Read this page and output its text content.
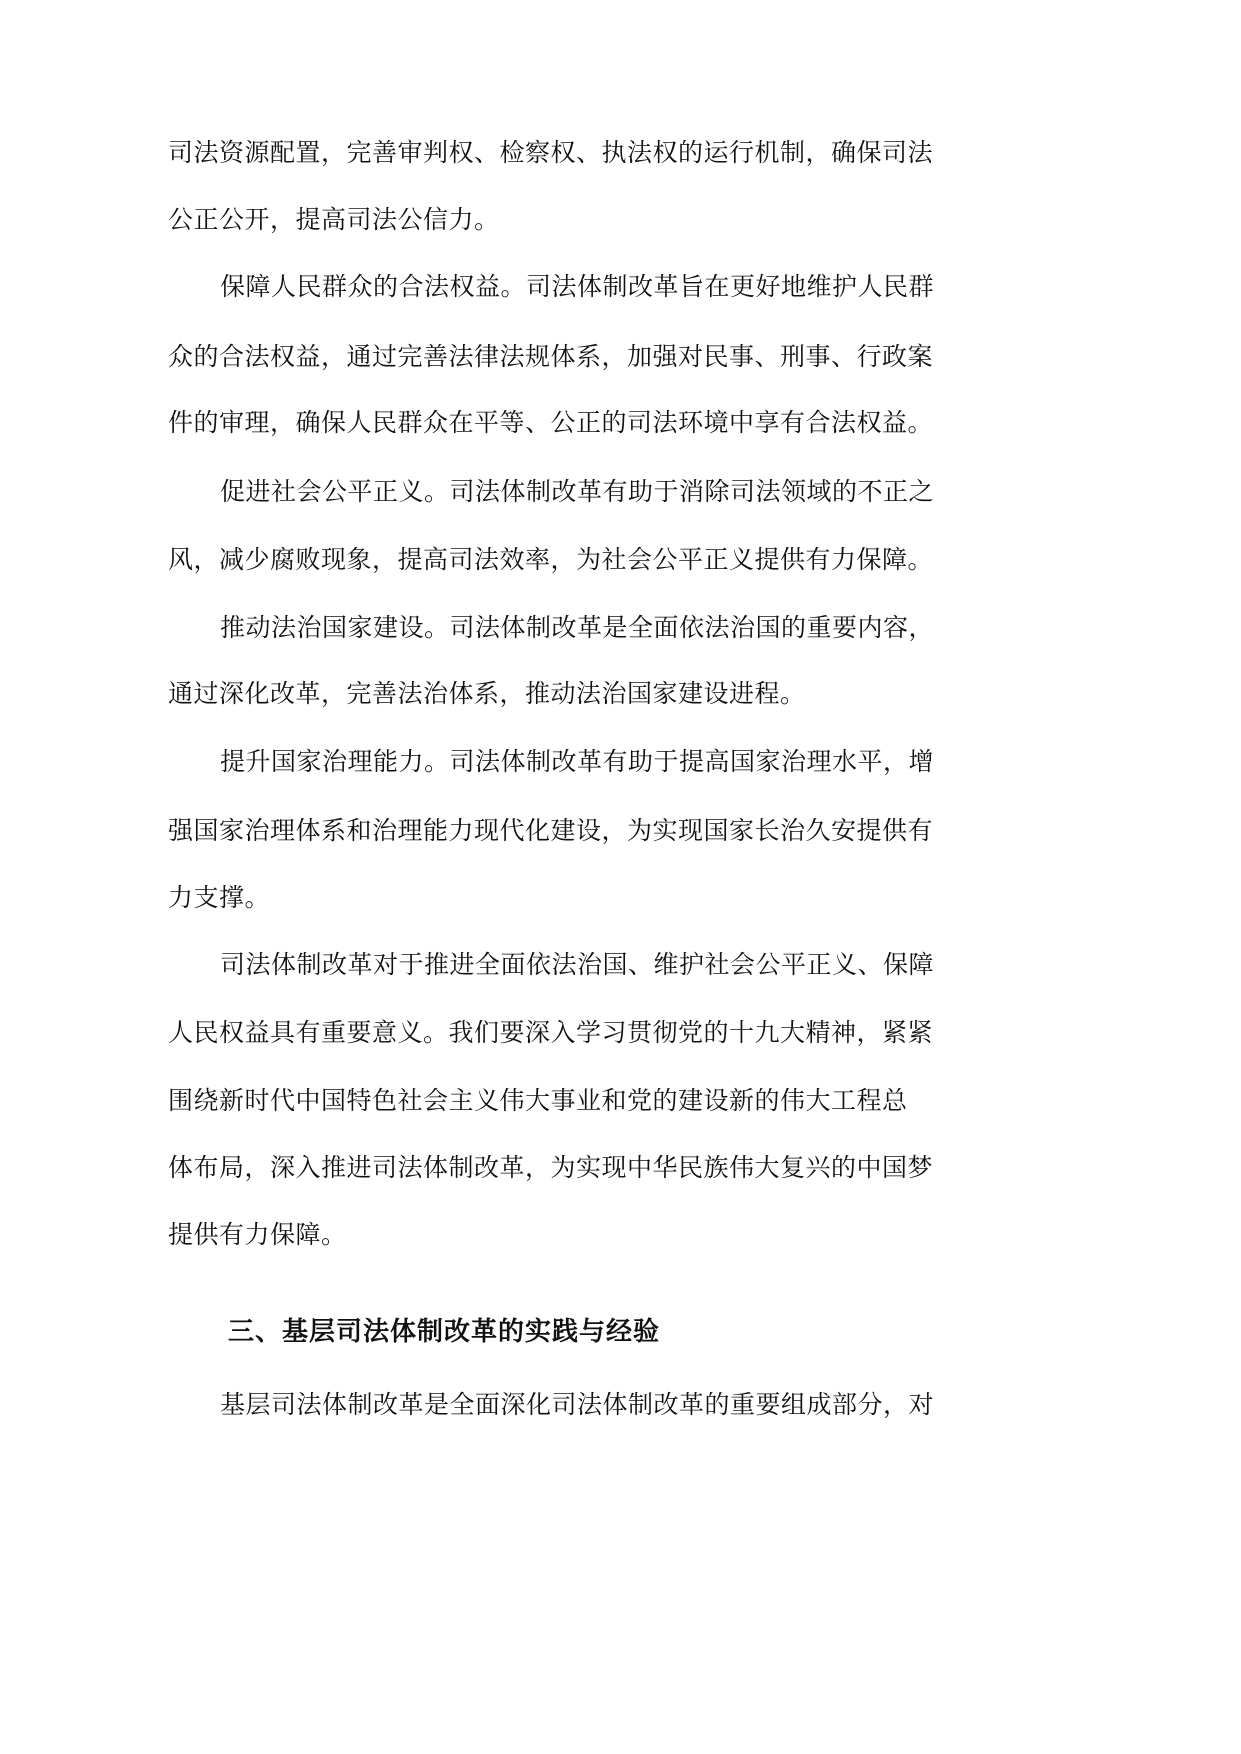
司法资源配置，完善审判权、检察权、执法权的运行机制，确保司法
公正公开，提高司法公信力。
保障人民群众的合法权益。司法体制改革旨在更好地维护人民群
众的合法权益，通过完善法律法规体系，加强对民事、刑事、行政案
件的审理，确保人民群众在平等、公正的司法环境中享有合法权益。
促进社会公平正义。司法体制改革有助于消除司法领域的不正之
风，减少腐败现象，提高司法效率，为社会公平正义提供有力保障。
推动法治国家建设。司法体制改革是全面依法治国的重要内容，
通过深化改革，完善法治体系，推动法治国家建设进程。
提升国家治理能力。司法体制改革有助于提高国家治理水平，增
强国家治理体系和治理能力现代化建设，为实现国家长治久安提供有
力支撑。
司法体制改革对于推进全面依法治国、维护社会公平正义、保障
人民权益具有重要意义。我们要深入学习贯彻党的十九大精神，紧紧
围绕新时代中国特色社会主义伟大事业和党的建设新的伟大工程总
体布局，深入推进司法体制改革，为实现中华民族伟大复兴的中国梦
提供有力保障。
三、基层司法体制改革的实践与经验
基层司法体制改革是全面深化司法体制改革的重要组成部分，对
